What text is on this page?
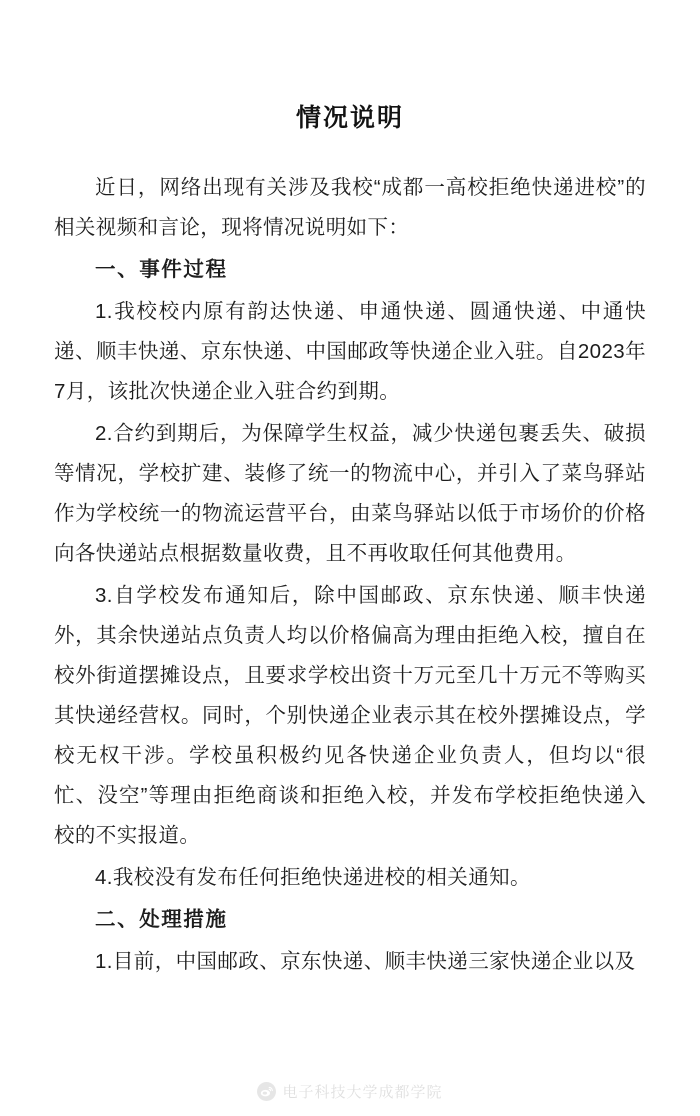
情况说明

近日，网络出现有关涉及我校“成都一高校拒绝快递进校”的相关视频和言论，现将情况说明如下：

一、事件过程

1.我校校内原有韵达快递、申通快递、圆通快递、中通快递、顺丰快递、京东快递、中国邮政等快递企业入驻。自2023年7月，该批次快递企业入驻合约到期。

2.合约到期后，为保障学生权益，减少快递包裹丢失、破损等情况，学校扩建、装修了统一的物流中心，并引入了菜鸟驿站作为学校统一的物流运营平台，由菜鸟驿站以低于市场价的价格向各快递站点根据数量收费，且不再收取任何其他费用。

3.自学校发布通知后，除中国邮政、京东快递、顺丰快递外，其余快递站点负责人均以价格偏高为理由拒绝入校，擅自在校外街道摆摊设点，且要求学校出资十万元至几十万元不等购买其快递经营权。同时，个别快递企业表示其在校外摆摊设点，学校无权干涉。学校虽积极约见各快递企业负责人，但均以“很忙、没空”等理由拒绝商谈和拒绝入校，并发布学校拒绝快递入校的不实报道。

4.我校没有发布任何拒绝快递进校的相关通知。

二、处理措施

1.目前，中国邮政、京东快递、顺丰快递三家快递企业以及

电子科技大学成都学院
